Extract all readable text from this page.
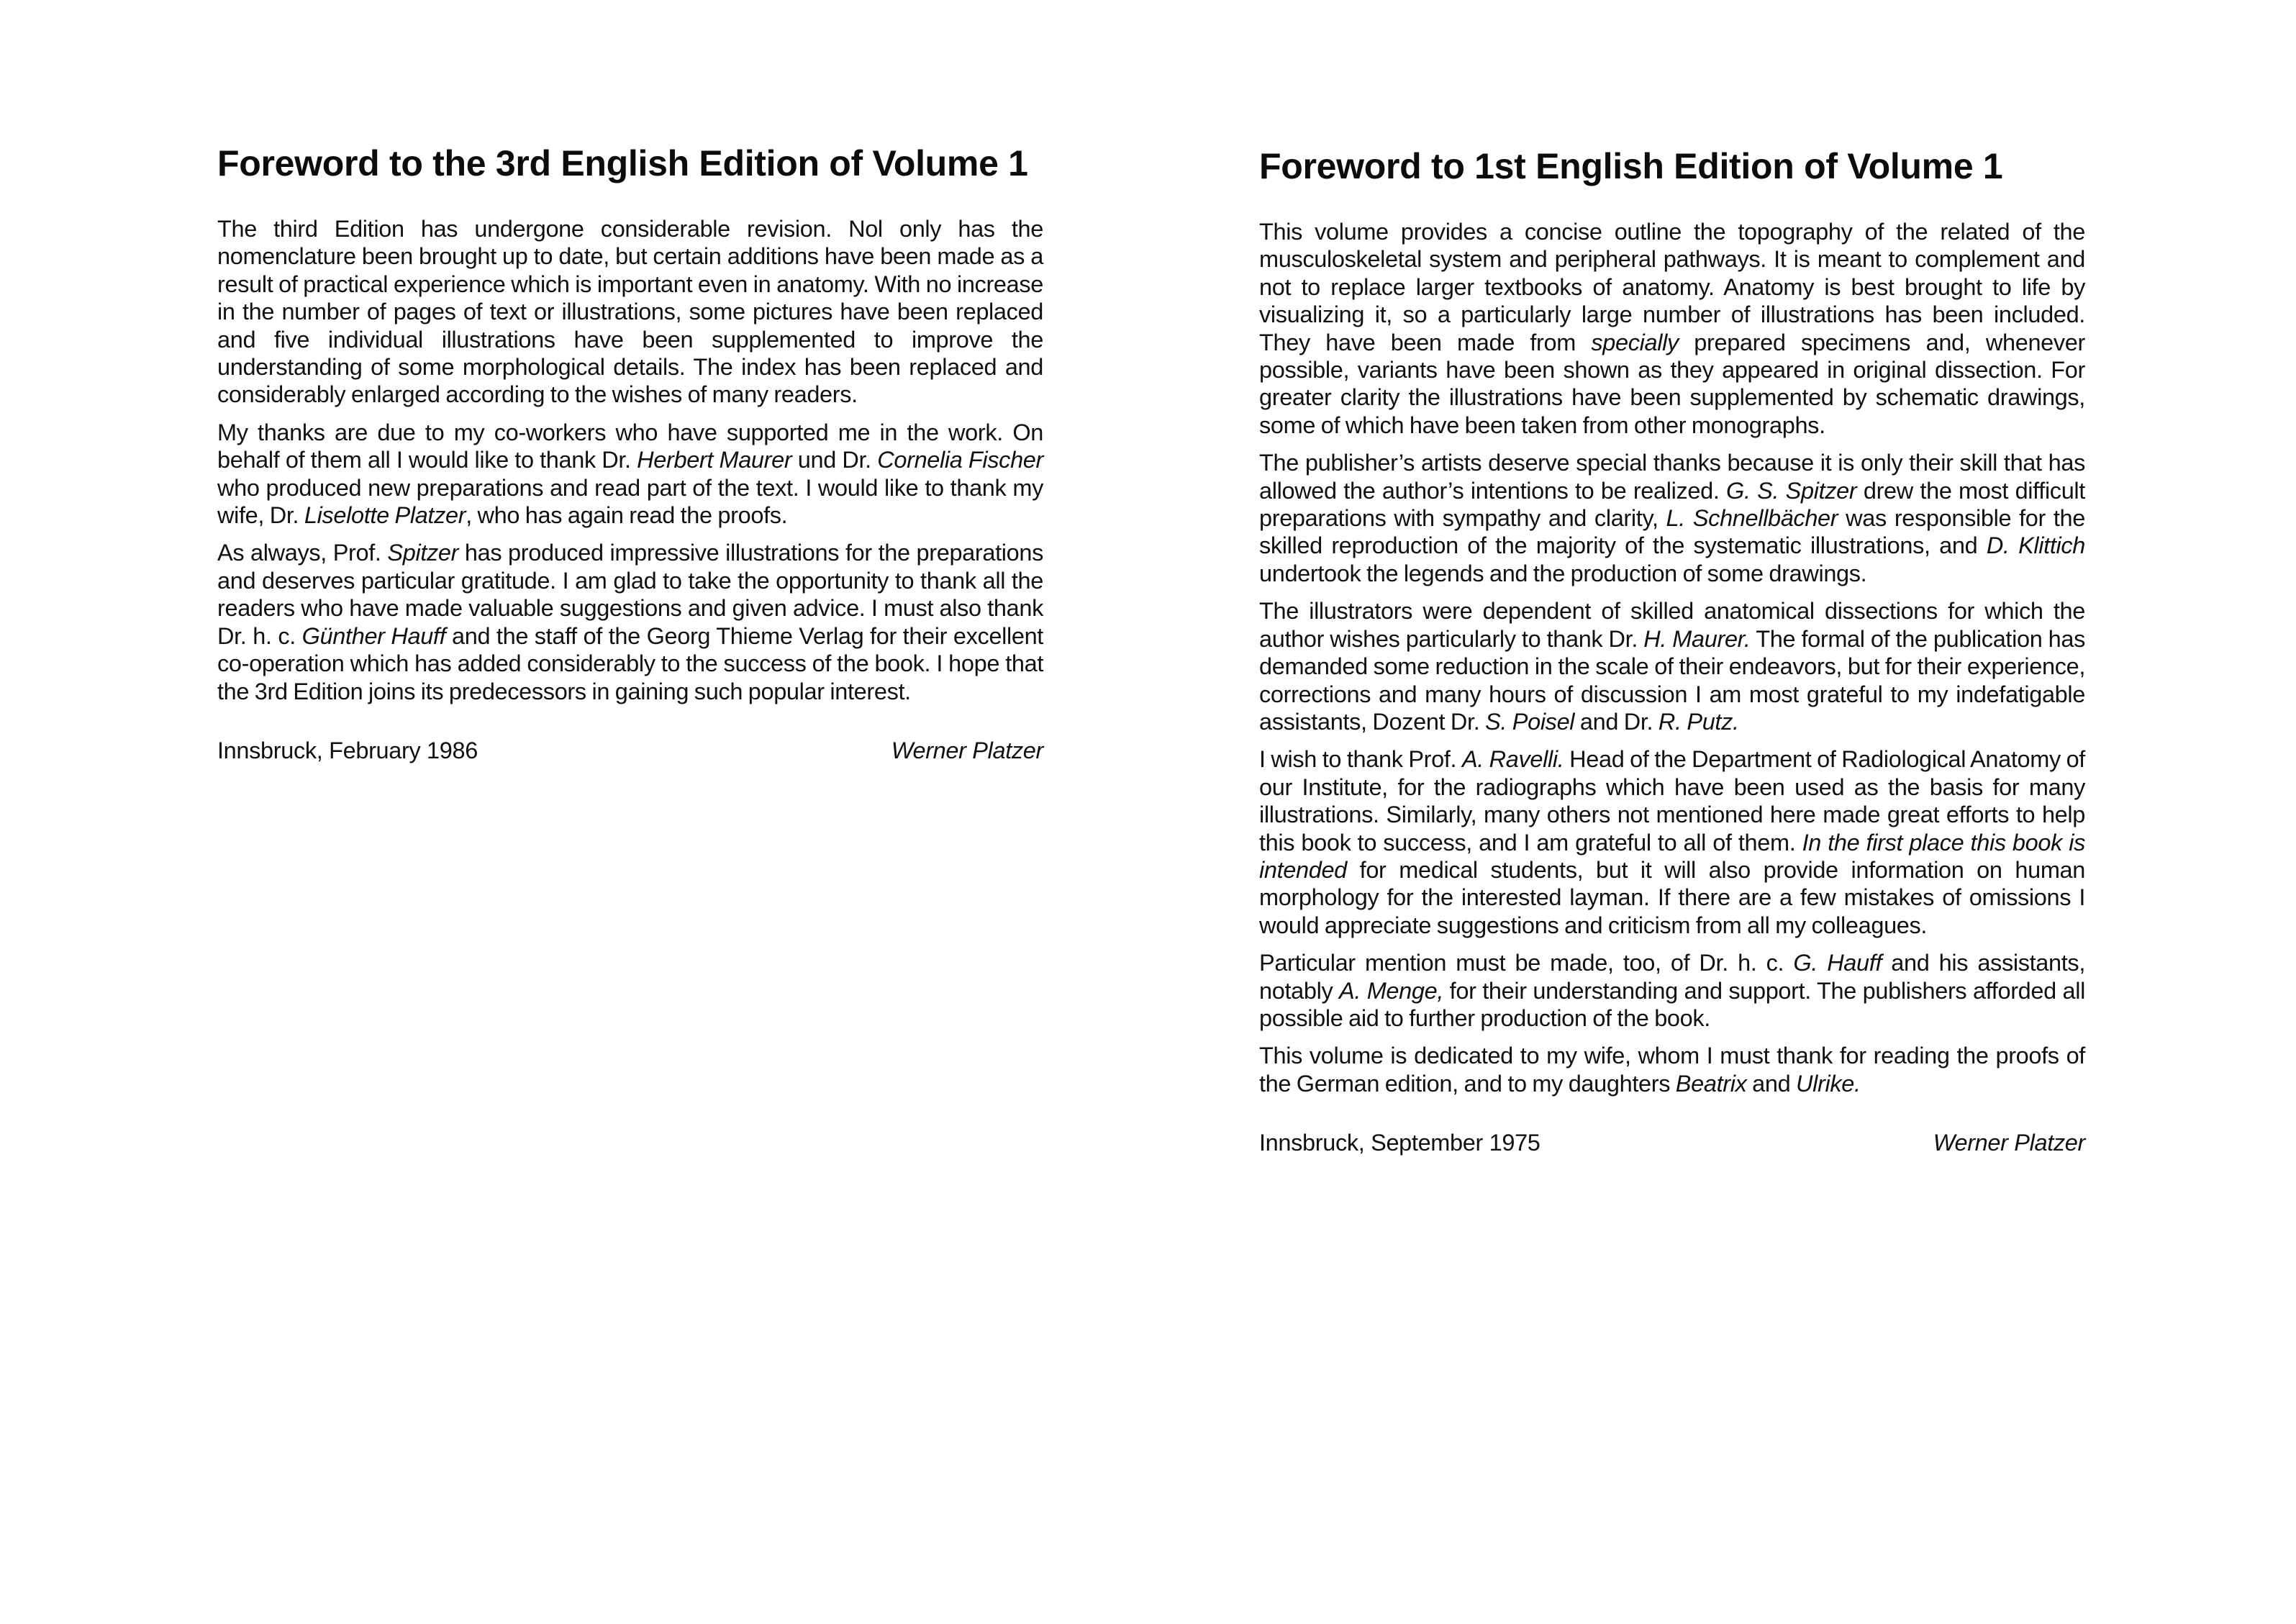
Foreword to the 3rd English Edition of Volume 1

The third Edition has undergone considerable revision. Nol only has the nomenclature been brought up to date, but certain additions have been made as a result of practical experience which is important even in anatomy. With no increase in the number of pages of text or illustrations, some pictures have been replaced and five individual illustrations have been supplemented to improve the understanding of some morphological details. The index has been replaced and considerably enlarged according to the wishes of many readers.

My thanks are due to my co-workers who have supported me in the work. On behalf of them all I would like to thank Dr. Herbert Maurer und Dr. Cornelia Fischer who produced new preparations and read part of the text. I would like to thank my wife, Dr. Liselotte Platzer, who has again read the proofs.

As always, Prof. Spitzer has produced impressive illustrations for the preparations and deserves particular gratitude. I am glad to take the opportunity to thank all the readers who have made valuable suggestions and given advice. I must also thank Dr. h. c. Günther Hauff and the staff of the Georg Thieme Verlag for their excellent co-operation which has added considerably to the success of the book. I hope that the 3rd Edition joins its predecessors in gaining such popular interest.

Innsbruck, February 1986	Werner Platzer
Foreword to 1st English Edition of Volume 1

This volume provides a concise outline the topography of the related of the musculoskeletal system and peripheral pathways. It is meant to complement and not to replace larger textbooks of anatomy. Anatomy is best brought to life by visualizing it, so a particularly large number of illustrations has been included. They have been made from specially prepared specimens and, whenever possible, variants have been shown as they appeared in original dissection. For greater clarity the illustrations have been supplemented by schematic drawings, some of which have been taken from other monographs.

The publisher’s artists deserve special thanks because it is only their skill that has allowed the author’s intentions to be realized. G. S. Spitzer drew the most difficult preparations with sympathy and clarity, L. Schnellbächer was responsible for the skilled reproduction of the majority of the systematic illustrations, and D. Klittich undertook the legends and the production of some drawings.

The illustrators were dependent of skilled anatomical dissections for which the author wishes particularly to thank Dr. H. Maurer. The formal of the publication has demanded some reduction in the scale of their endeavors, but for their experience, corrections and many hours of discussion I am most grateful to my indefatigable assistants, Dozent Dr. S. Poisel and Dr. R. Putz.

I wish to thank Prof. A. Ravelli. Head of the Department of Radiological Anatomy of our Institute, for the radiographs which have been used as the basis for many illustrations. Similarly, many others not mentioned here made great efforts to help this book to success, and I am grateful to all of them. In the first place this book is intended for medical students, but it will also provide information on human morphology for the interested layman. If there are a few mistakes of omissions I would appreciate suggestions and criticism from all my colleagues.

Particular mention must be made, too, of Dr. h. c. G. Hauff and his assistants, notably A. Menge, for their understanding and support. The publishers afforded all possible aid to further production of the book.

This volume is dedicated to my wife, whom I must thank for reading the proofs of the German edition, and to my daughters Beatrix and Ulrike.

Innsbruck, September 1975	Werner Platzer
